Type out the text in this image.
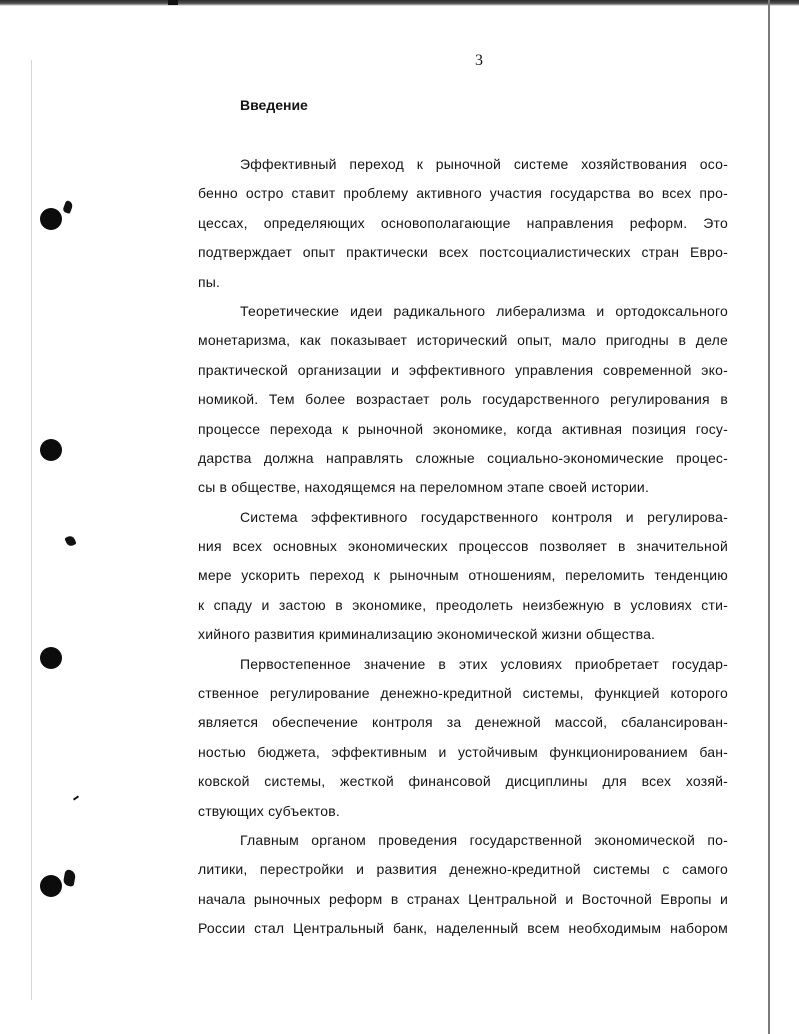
3
Введение

Эффективный переход к рыночной системе хозяйствования осо-
бенно остро ставит проблему активного участия государства во всех про-
цессах, определяющих основополагающие направления реформ. Это
подтверждает опыт практически всех постсоциалистических стран Евро-
пы.

Теоретические идеи радикального либерализма и ортодоксального
монетаризма, как показывает исторический опыт, мало пригодны в деле
практической организации и эффективного управления современной эко-
номикой. Тем более возрастает роль государственного регулирования в
процессе перехода к рыночной экономике, когда активная позиция госу-
дарства должна направлять сложные социально-экономические процес-
сы в обществе, находящемся на переломном этапе своей истории.

Система эффективного государственного контроля и регулирова-
ния всех основных экономических процессов позволяет в значительной
мере ускорить переход к рыночным отношениям, переломить тенденцию
к спаду и застою в экономике, преодолеть неизбежную в условиях сти-
хийного развития криминализацию экономической жизни общества.

Первостепенное значение в этих условиях приобретает государ-
ственное регулирование денежно-кредитной системы, функцией которого
является обеспечение контроля за денежной массой, сбалансирован-
ностью бюджета, эффективным и устойчивым функционированием бан-
ковской системы, жесткой финансовой дисциплины для всех хозяй-
ствующих субъектов.

Главным органом проведения государственной экономической по-
литики, перестройки и развития денежно-кредитной системы с самого
начала рыночных реформ в странах Центральной и Восточной Европы и
России стал Центральный банк, наделенный всем необходимым набором
